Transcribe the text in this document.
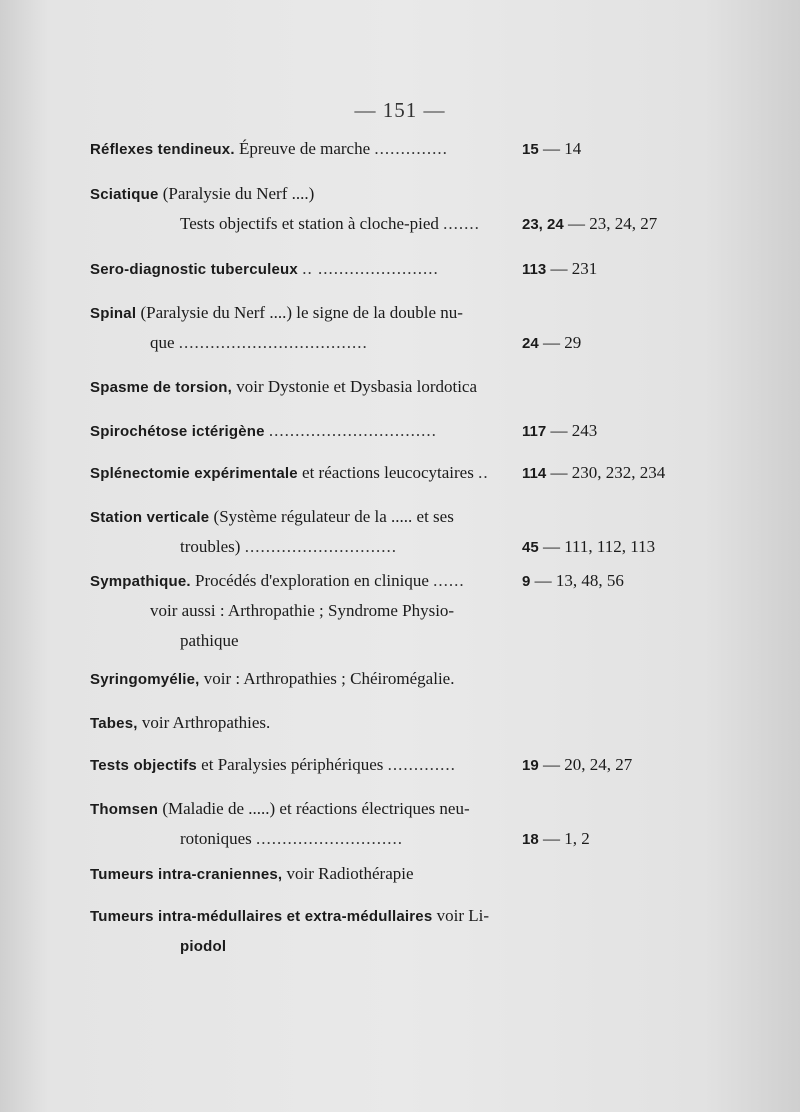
— 151 —
Réflexes tendineux. Épreuve de marche ..............	15 — 14
Sciatique (Paralysie du Nerf ....)
Tests objectifs et station à cloche-pied .......	23, 24 — 23, 24, 27
Sero-diagnostic tuberculeux .. .......................	113 — 231
Spinal (Paralysie du Nerf ....) le signe de la double nu-
que ....................................	24 — 29
Spasme de torsion, voir Dystonie et Dysbasia lordotica
Spirochétose ictérigène ................................	117 — 243
Splénectomie expérimentale et réactions leucocytaires .. 114 — 230, 232, 234
Station verticale (Système régulateur de la ..... et ses
troubles) .............................	45 — 111, 112, 113
Sympathique. Procédés d'exploration en clinique ......	9 — 13, 48, 56
voir aussi : Arthropathie ; Syndrome Physio-
pathique
Syringomyélie, voir : Arthropathies ; Chéiromégalie.
Tabes, voir Arthropathies.
Tests objectifs et Paralysies périphériques .............	19 — 20, 24, 27
Thomsen (Maladie de .....) et réactions électriques neu-
rotoniques ............................	18 — 1, 2
Tumeurs intra-craniennes, voir Radiothérapie
Tumeurs intra-médullaires et extra-médullaires voir Li-
piodol
